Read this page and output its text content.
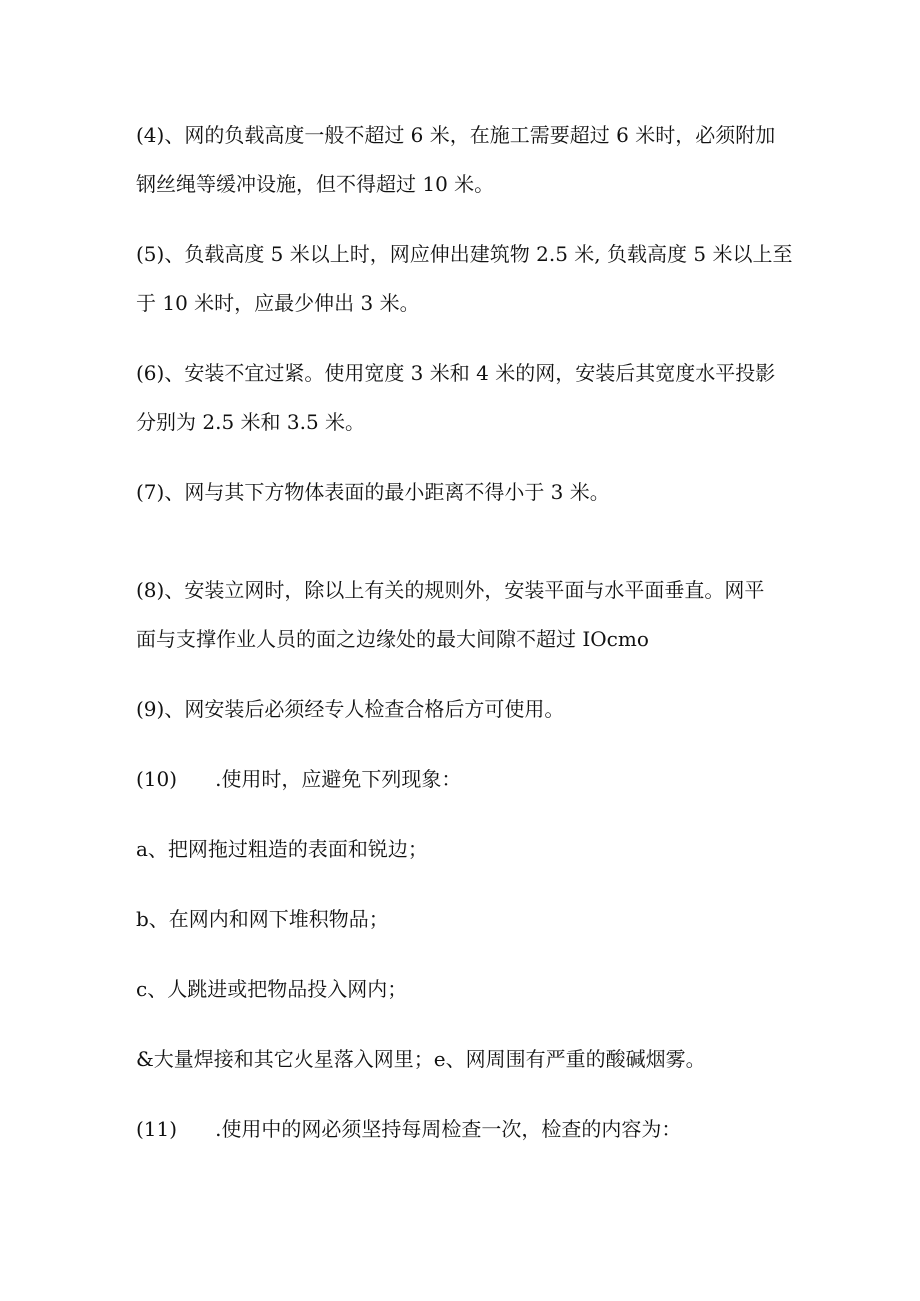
(4)、网的负载高度一般不超过 6 米，在施工需要超过 6 米时，必须附加
钢丝绳等缓冲设施，但不得超过 10 米。
(5)、负载高度 5 米以上时，网应伸出建筑物 2.5 米, 负载高度 5 米以上至
于 10 米时，应最少伸出 3 米。
(6)、安装不宜过紧。使用宽度 3 米和 4 米的网，安装后其宽度水平投影
分别为 2.5 米和 3.5 米。
(7)、网与其下方物体表面的最小距离不得小于 3 米。
(8)、安装立网时，除以上有关的规则外，安装平面与水平面垂直。网平
面与支撑作业人员的面之边缘处的最大间隙不超过 IOcmo
(9)、网安装后必须经专人检查合格后方可使用。
(10) .使用时，应避免下列现象：
a、把网拖过粗造的表面和锐边；
b、在网内和网下堆积物品；
c、人跳进或把物品投入网内；
&大量焊接和其它火星落入网里；e、网周围有严重的酸碱烟雾。
(11) .使用中的网必须坚持每周检查一次，检查的内容为：
